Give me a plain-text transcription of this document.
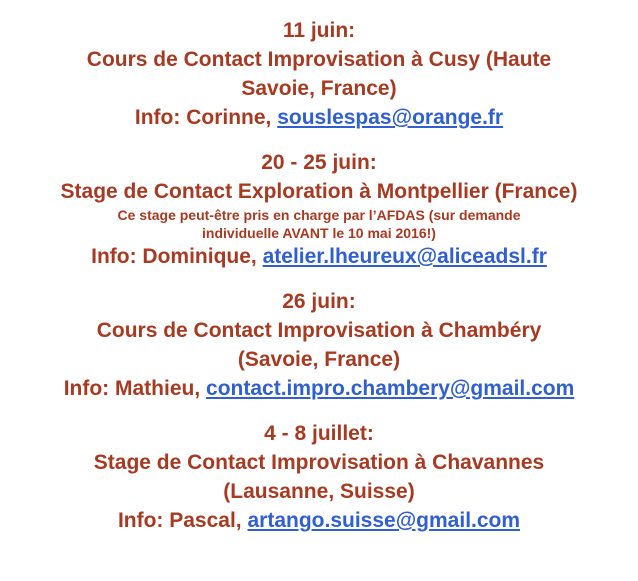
11 juin:

Cours de Contact Improvisation à Cusy (Haute

Savoie, France)

Info: Corinne, souslespas@orange.fr

20 - 25 juin:

Stage de Contact Exploration à Montpellier (France)

Ce stage peut-être pris en charge par l’AFDAS (sur demande

individuelle AVANT le 10 mai 2016!)

Info: Dominique, atelier.lheureux@aliceadsl.fr

26 juin:

Cours de Contact Improvisation à Chambéry

(Savoie, France)

Info: Mathieu, contact.impro.chambery@gmail.com

4 - 8 juillet:

Stage de Contact Improvisation à Chavannes

(Lausanne, Suisse)

Info: Pascal, artango.suisse@gmail.com
